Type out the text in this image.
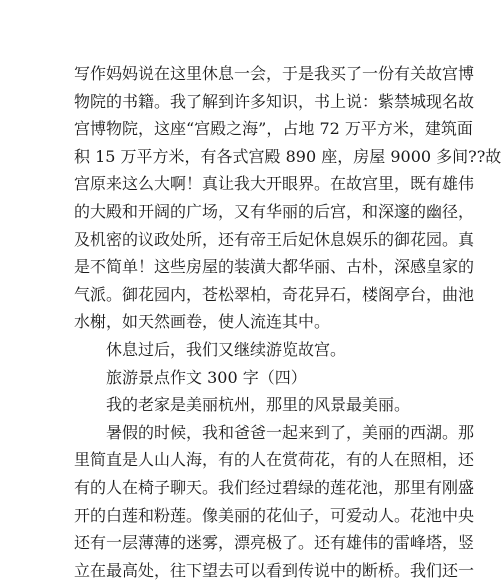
写作妈妈说在这里休息一会，于是我买了一份有关故宫博
物院的书籍。我了解到许多知识，书上说：紫禁城现名故
宫博物院，这座“宫殿之海”，占地 72 万平方米，建筑面
积 15 万平方米，有各式宫殿 890 座，房屋 9000 多间??故
宫原来这么大啊！真让我大开眼界。在故宫里，既有雄伟
的大殿和开阔的广场，又有华丽的后宫，和深邃的幽径，
及机密的议政处所，还有帝王后妃休息娱乐的御花园。真
是不简单！这些房屋的装潢大都华丽、古朴，深感皇家的
气派。御花园内，苍松翠柏，奇花异石，楼阁亭台，曲池
水榭，如天然画卷，使人流连其中。
休息过后，我们又继续游览故宫。
旅游景点作文 300 字（四）
我的老家是美丽杭州，那里的风景最美丽。
暑假的时候，我和爸爸一起来到了，美丽的西湖。那
里简直是人山人海，有的人在赏荷花，有的人在照相，还
有的人在椅子聊天。我们经过碧绿的莲花池，那里有刚盛
开的白莲和粉莲。像美丽的花仙子，可爱动人。花池中央
还有一层薄薄的迷雾，漂亮极了。还有雄伟的雷峰塔，竖
立在最高处，往下望去可以看到传说中的断桥。我们还一
